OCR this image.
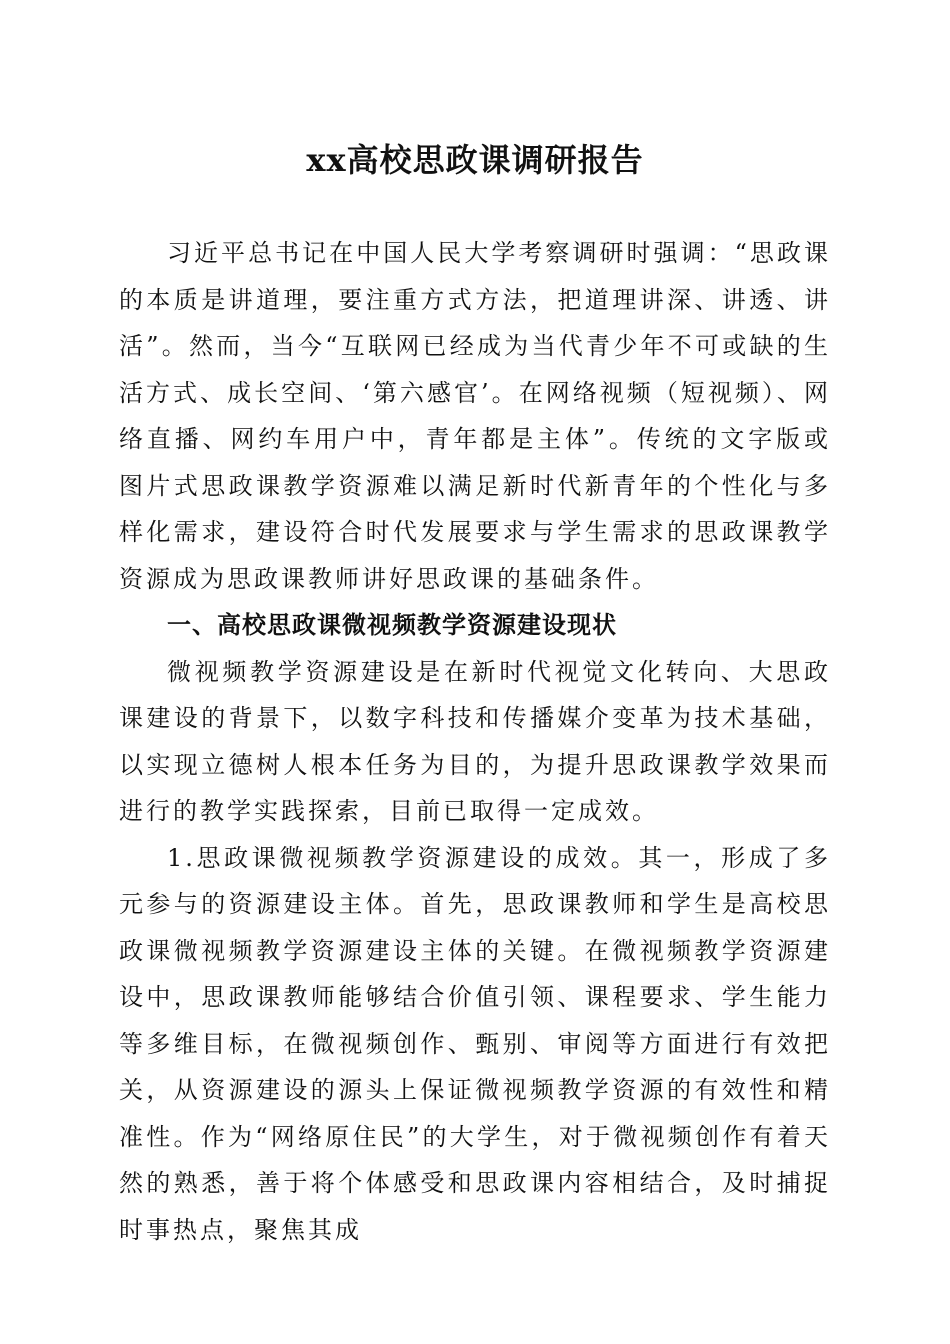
xx高校思政课调研报告

习近平总书记在中国人民大学考察调研时强调：“思政课的本质是讲道理，要注重方式方法，把道理讲深、讲透、讲活”。然而，当今“互联网已经成为当代青少年不可或缺的生活方式、成长空间、‘第六感官’。在网络视频（短视频）、网络直播、网约车用户中，青年都是主体”。传统的文字版或图片式思政课教学资源难以满足新时代新青年的个性化与多样化需求，建设符合时代发展要求与学生需求的思政课教学资源成为思政课教师讲好思政课的基础条件。

一、高校思政课微视频教学资源建设现状

微视频教学资源建设是在新时代视觉文化转向、大思政课建设的背景下，以数字科技和传播媒介变革为技术基础，以实现立德树人根本任务为目的，为提升思政课教学效果而进行的教学实践探索，目前已取得一定成效。

1.思政课微视频教学资源建设的成效。其一，形成了多元参与的资源建设主体。首先，思政课教师和学生是高校思政课微视频教学资源建设主体的关键。在微视频教学资源建设中，思政课教师能够结合价值引领、课程要求、学生能力等多维目标，在微视频创作、甄别、审阅等方面进行有效把关，从资源建设的源头上保证微视频教学资源的有效性和精准性。作为“网络原住民”的大学生，对于微视频创作有着天然的熟悉，善于将个体感受和思政课内容相结合，及时捕捉时事热点，聚焦其成
